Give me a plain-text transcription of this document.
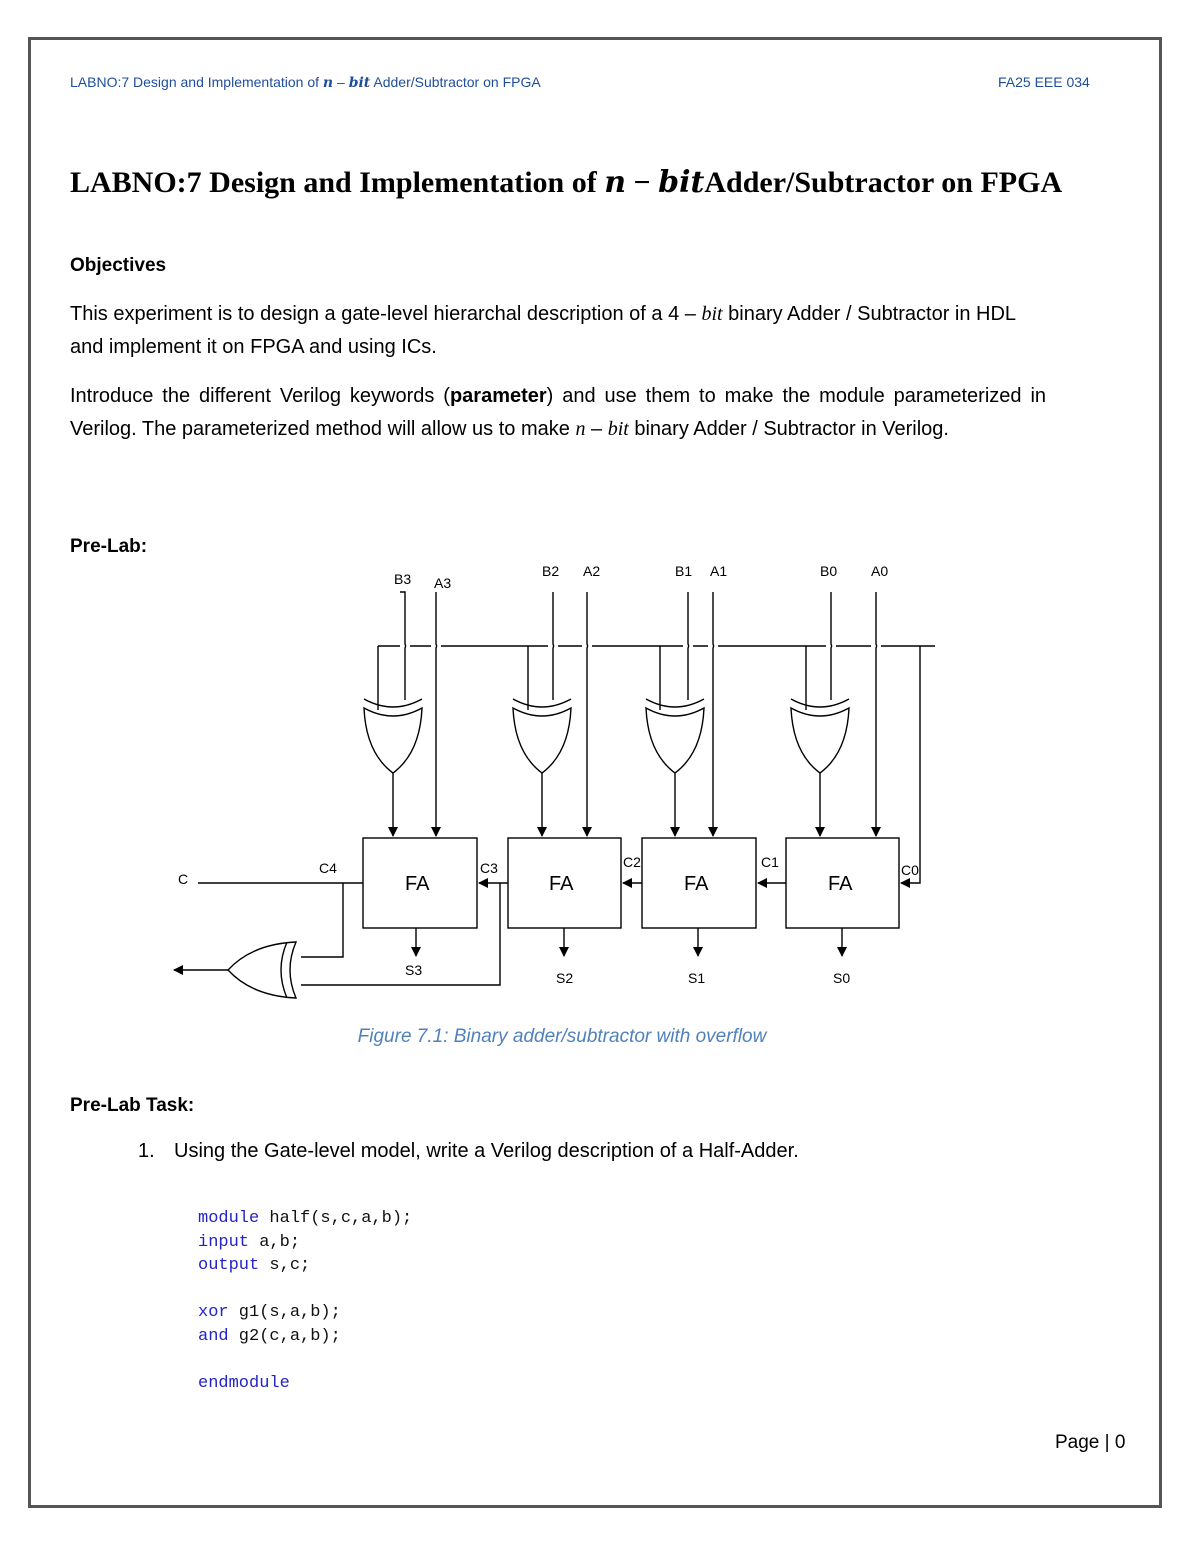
LABNO:7 Design and Implementation of n – bit Adder/Subtractor on FPGA	FA25 EEE 034
LABNO:7 Design and Implementation of n − bitAdder/Subtractor on FPGA
Objectives
This experiment is to design a gate-level hierarchal description of a 4 – bit binary Adder / Subtractor in HDL and implement it on FPGA and using ICs.
Introduce the different Verilog keywords (parameter) and use them to make the module parameterized in Verilog. The parameterized method will allow us to make n – bit binary Adder / Subtractor in Verilog.
Pre-Lab:
B3 A3
B2 A2	B1 A1	B0 A0
FA	FA	FA	FA
C4	C3	C2	C1	C0
C
S3	S2	S1	S0
Figure 7.1: Binary adder/subtractor with overflow
Pre-Lab Task:
1. Using the Gate-level model, write a Verilog description of a Half-Adder.
module half(s,c,a,b);
input a,b;
output s,c;

xor g1(s,a,b);
and g2(c,a,b);

endmodule
Page | 0
